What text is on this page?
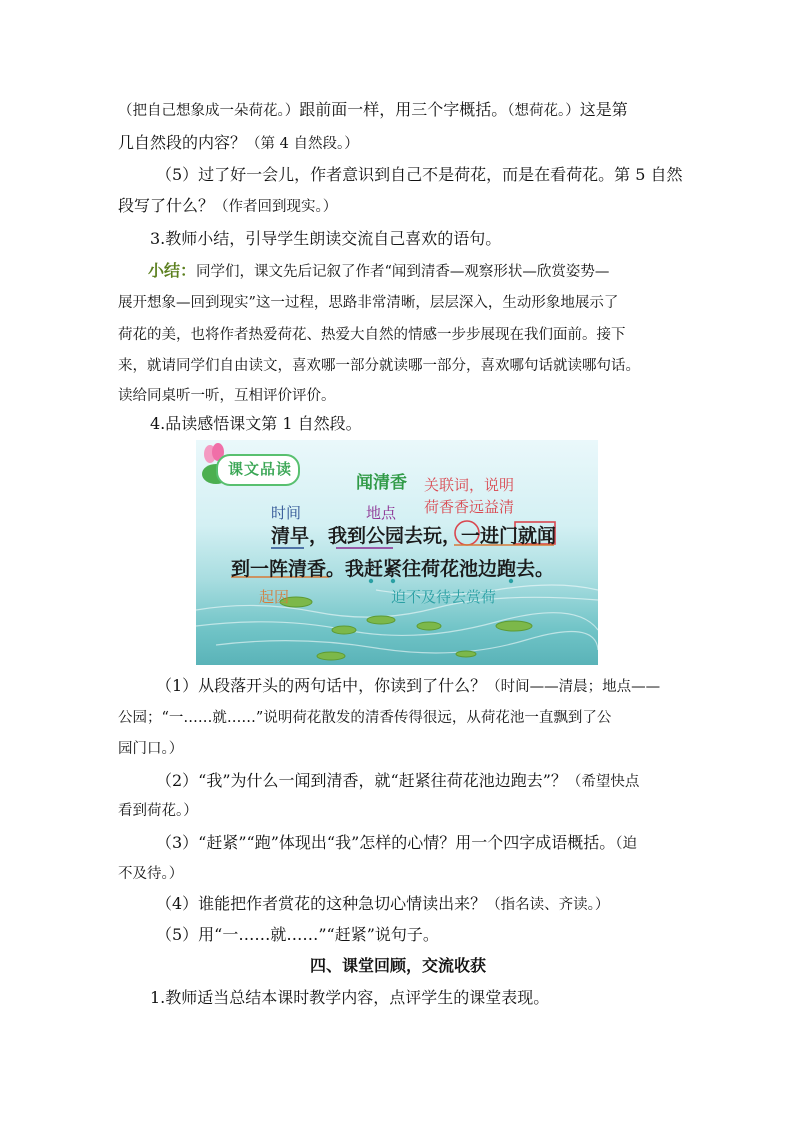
（把自己想象成一朵荷花。）跟前面一样，用三个字概括。（想荷花。）这是第
几自然段的内容？（第 4 自然段。）
（5）过了好一会儿，作者意识到自己不是荷花，而是在看荷花。第 5 自然
段写了什么？（作者回到现实。）
3.教师小结，引导学生朗读交流自己喜欢的语句。
小结：同学们，课文先后记叙了作者“闻到清香—观察形状—欣赏姿势—
展开想象—回到现实”这一过程，思路非常清晰，层层深入，生动形象地展示了
荷花的美，也将作者热爱荷花、热爱大自然的情感一步步展现在我们面前。接下
来，就请同学们自由读文，喜欢哪一部分就读哪一部分，喜欢哪句话就读哪句话。
读给同桌听一听，互相评价评价。
4.品读感悟课文第 1 自然段。
课文品读
闻清香 关联词，说明
荷香香远益清
时间	地点
清早，我到公园去玩，一进门就闻
到一阵清香。我赶紧往荷花池边跑去。
起因	迫不及待去赏荷
（1）从段落开头的两句话中，你读到了什么？（时间——清晨；地点——
公园；“一……就……”说明荷花散发的清香传得很远，从荷花池一直飘到了公
园门口。）
（2）“我”为什么一闻到清香，就“赶紧往荷花池边跑去”？（希望快点
看到荷花。）
（3）“赶紧”“跑”体现出“我”怎样的心情？用一个四字成语概括。（迫
不及待。）
（4）谁能把作者赏花的这种急切心情读出来？（指名读、齐读。）
（5）用“一……就……”“赶紧”说句子。
四、课堂回顾，交流收获
1.教师适当总结本课时教学内容，点评学生的课堂表现。
